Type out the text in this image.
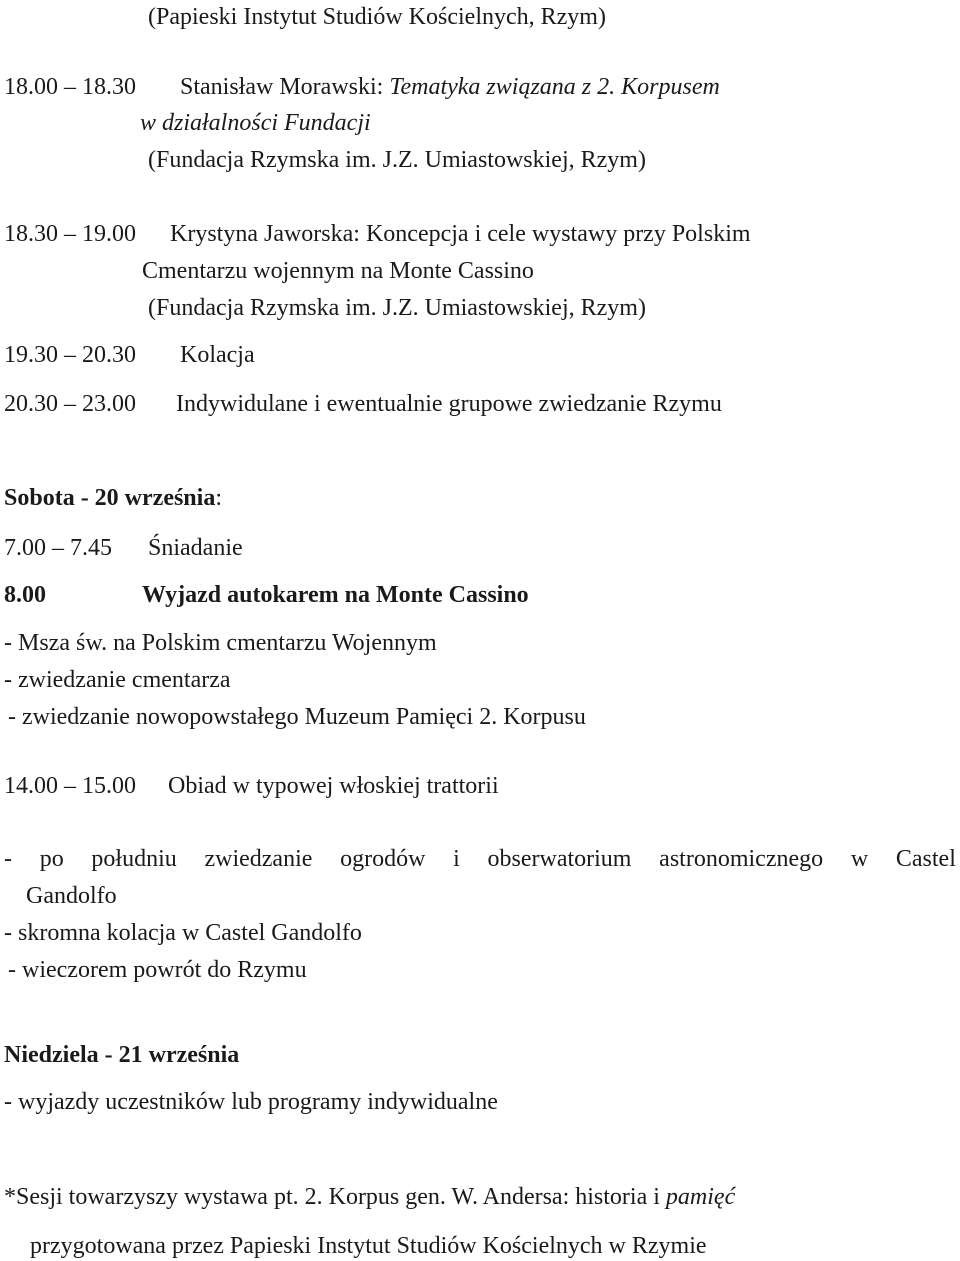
(Papieski Instytut Studiów Kościelnych, Rzym)
18.00 – 18.30 Stanisław Morawski: Tematyka związana z 2. Korpusem
w działalności Fundacji
(Fundacja Rzymska im. J.Z. Umiastowskiej, Rzym)
18.30 – 19.00 Krystyna Jaworska: Koncepcja i cele wystawy przy Polskim
Cmentarzu wojennym na Monte Cassino
(Fundacja Rzymska im. J.Z. Umiastowskiej, Rzym)
19.30 – 20.30 Kolacja
20.30 – 23.00 Indywidulane i ewentualnie grupowe zwiedzanie Rzymu
Sobota - 20 września:
7.00 – 7.45 Śniadanie
8.00	Wyjazd autokarem na Monte Cassino
- Msza św. na Polskim cmentarzu Wojennym
- zwiedzanie cmentarza
- zwiedzanie nowopowstałego Muzeum Pamięci 2. Korpusu
14.00 – 15.00 Obiad w typowej włoskiej trattorii
- po południu zwiedzanie ogrodów i obserwatorium astronomicznego w Castel
Gandolfo
- skromna kolacja w Castel Gandolfo
- wieczorem powrót do Rzymu
Niedziela - 21 września
- wyjazdy uczestników lub programy indywidualne
*Sesji towarzyszy wystawa pt. 2. Korpus gen. W. Andersa: historia i pamięć
przygotowana przez Papieski Instytut Studiów Kościelnych w Rzymie
